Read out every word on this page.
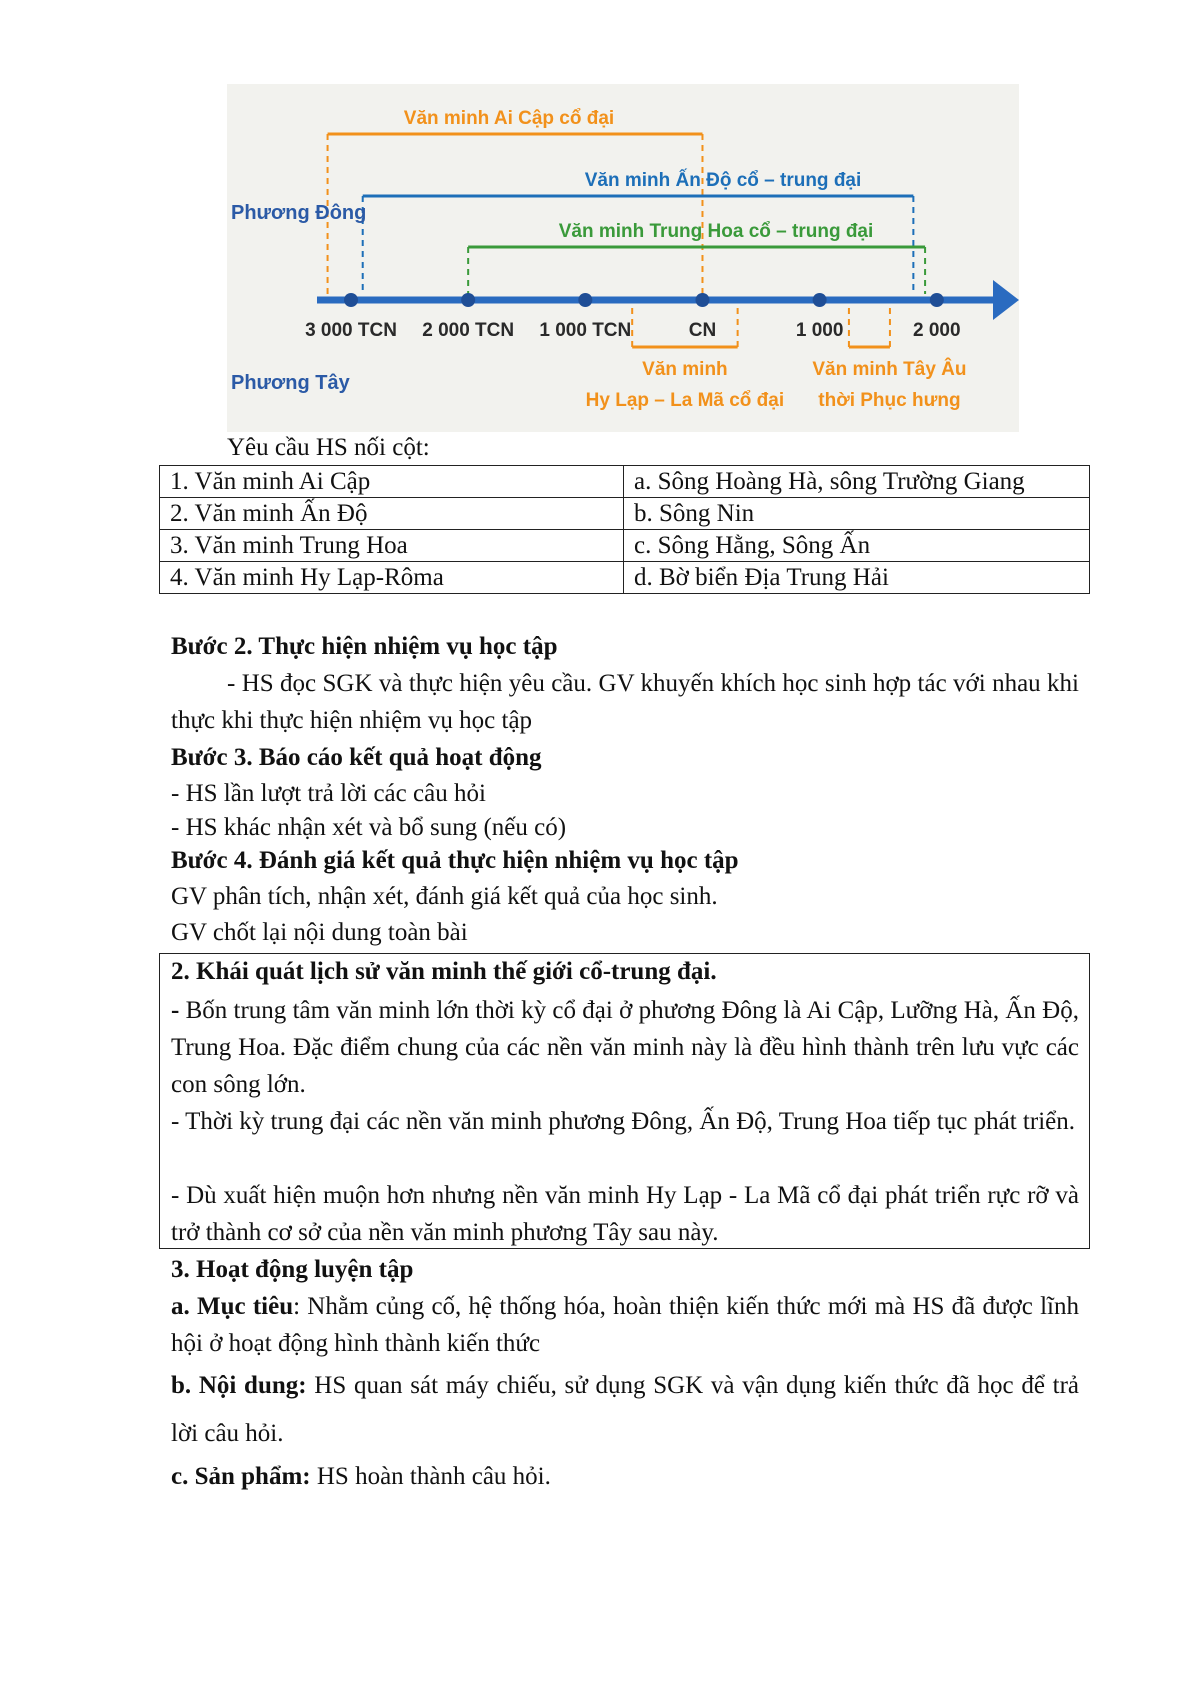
Văn minh Ai Cập cổ đại
Văn minh Ấn Độ cổ – trung đại
Văn minh Trung Hoa cổ – trung đại
3 000 TCN 2 000 TCN 1 000 TCN	CN	1 000	2 000
Phương Đông
Phương Tây
Văn minh
Hy Lạp – La Mã cổ đại
Văn minh Tây Âu
thời Phục hưng

Yêu cầu HS nối cột:

1. Văn minh Ai Cập	a. Sông Hoàng Hà, sông Trường Giang
2. Văn minh Ấn Độ	b. Sông Nin
3. Văn minh Trung Hoa	c. Sông Hằng, Sông Ấn
4. Văn minh Hy Lạp-Rôma	d. Bờ biển Địa Trung Hải

Bước 2. Thực hiện nhiệm vụ học tập

- HS đọc SGK và thực hiện yêu cầu. GV khuyến khích học sinh hợp tác với nhau khi thực khi thực hiện nhiệm vụ học tập

Bước 3. Báo cáo kết quả hoạt động

- HS lần lượt trả lời các câu hỏi

- HS khác nhận xét và bổ sung (nếu có)

Bước 4. Đánh giá kết quả thực hiện nhiệm vụ học tập

GV phân tích, nhận xét, đánh giá kết quả của học sinh.

GV chốt lại nội dung toàn bài

2. Khái quát lịch sử văn minh thế giới cổ-trung đại.

- Bốn trung tâm văn minh lớn thời kỳ cổ đại ở phương Đông là Ai Cập, Lưỡng Hà, Ấn Độ, Trung Hoa. Đặc điểm chung của các nền văn minh này là đều hình thành trên lưu vực các con sông lớn.

- Thời kỳ trung đại các nền văn minh phương Đông, Ấn Độ, Trung Hoa tiếp tục phát triển.

- Dù xuất hiện muộn hơn nhưng nền văn minh Hy Lạp - La Mã cổ đại phát triển rực rỡ và trở thành cơ sở của nền văn minh phương Tây sau này.

3. Hoạt động luyện tập

a. Mục tiêu: Nhằm củng cố, hệ thống hóa, hoàn thiện kiến thức mới mà HS đã được lĩnh hội ở hoạt động hình thành kiến thức

b. Nội dung: HS quan sát máy chiếu, sử dụng SGK và vận dụng kiến thức đã học để trả lời câu hỏi.

c. Sản phẩm: HS hoàn thành câu hỏi.
